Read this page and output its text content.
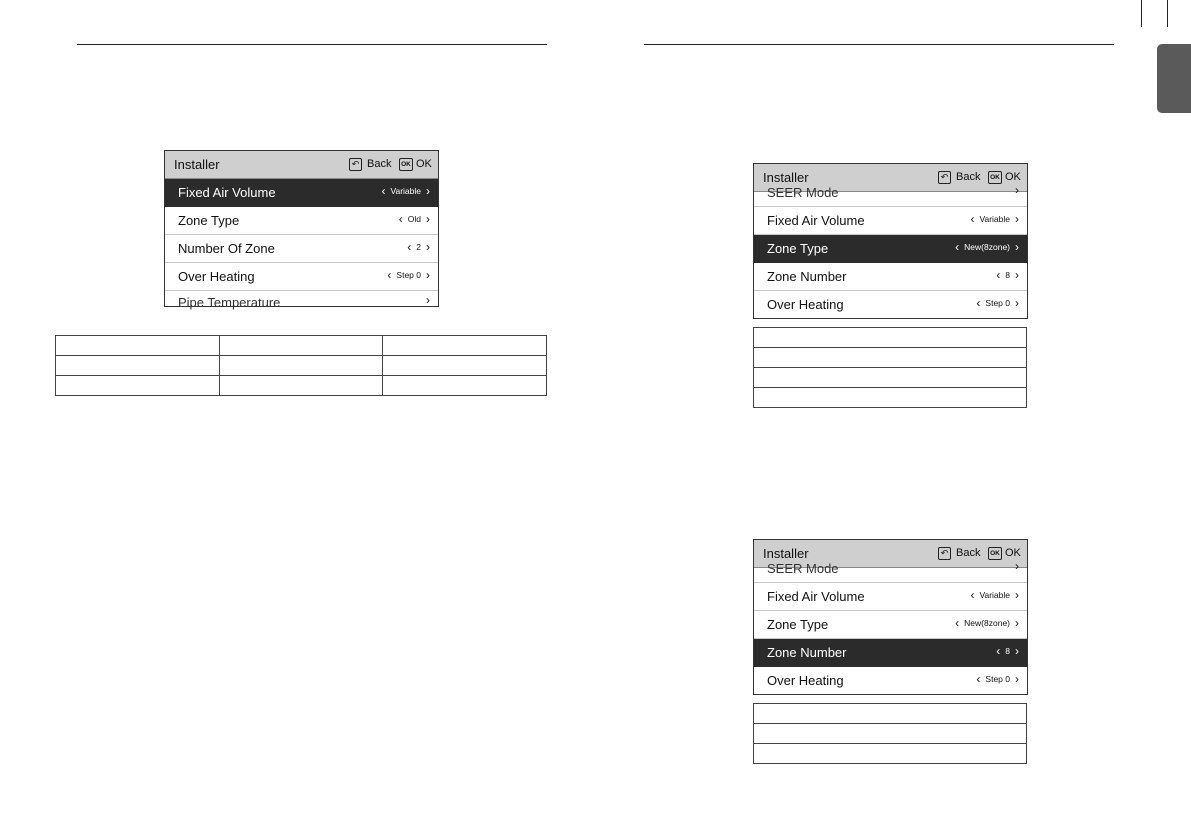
Installer	↶ Back	OK OK
Fixed Air Volume	‹ Variable ›
Zone Type	‹ Old ›
Number Of Zone	‹ 2 ›
Over Heating	‹ Step 0 ›
Pipe Temperature	›

Installer	↶ Back	OK OK
SEER Mode	›
Fixed Air Volume	‹ Variable ›
Zone Type	‹ New(8zone) ›
Zone Number	‹ 8 ›
Over Heating	‹ Step 0 ›

Installer	↶ Back	OK OK
SEER Mode	›
Fixed Air Volume	‹ Variable ›
Zone Type	‹ New(8zone) ›
Zone Number	‹ 8 ›
Over Heating	‹ Step 0 ›
